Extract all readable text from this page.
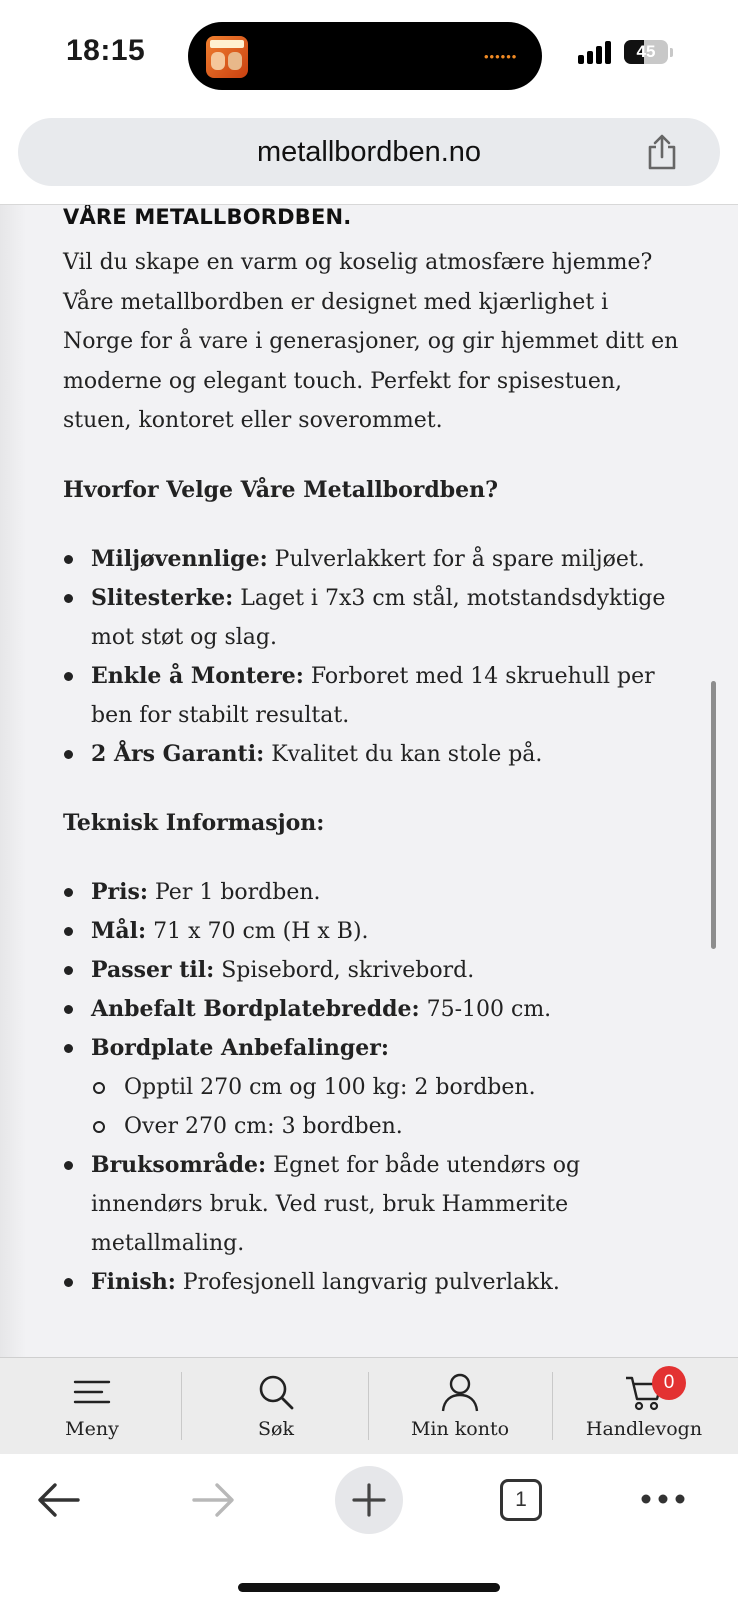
18:15	••••••	45
metallbordben.no
VÅRE METALLBORDBEN.

Vil du skape en varm og koselig atmosfære hjemme? Våre metallbordben er designet med kjærlighet i Norge for å vare i generasjoner, og gir hjemmet ditt en moderne og elegant touch. Perfekt for spisestuen, stuen, kontoret eller soverommet.

Hvorfor Velge Våre Metallbordben?

Miljøvennlige: Pulverlakkert for å spare miljøet.
Slitesterke: Laget i 7x3 cm stål, motstandsdyktige mot støt og slag.
Enkle å Montere: Forboret med 14 skruehull per ben for stabilt resultat.
2 Års Garanti: Kvalitet du kan stole på.

Teknisk Informasjon:

Pris: Per 1 bordben.
Mål: 71 x 70 cm (H x B).
Passer til: Spisebord, skrivebord.
Anbefalt Bordplatebredde: 75-100 cm.
Bordplate Anbefalinger:
Opptil 270 cm og 100 kg: 2 bordben.
Over 270 cm: 3 bordben.
Bruksområde: Egnet for både utendørs og innendørs bruk. Ved rust, bruk Hammerite metallmaling.
Finish: Profesjonell langvarig pulverlakk.
Meny	Søk	Min konto
0
Handlevogn
1
